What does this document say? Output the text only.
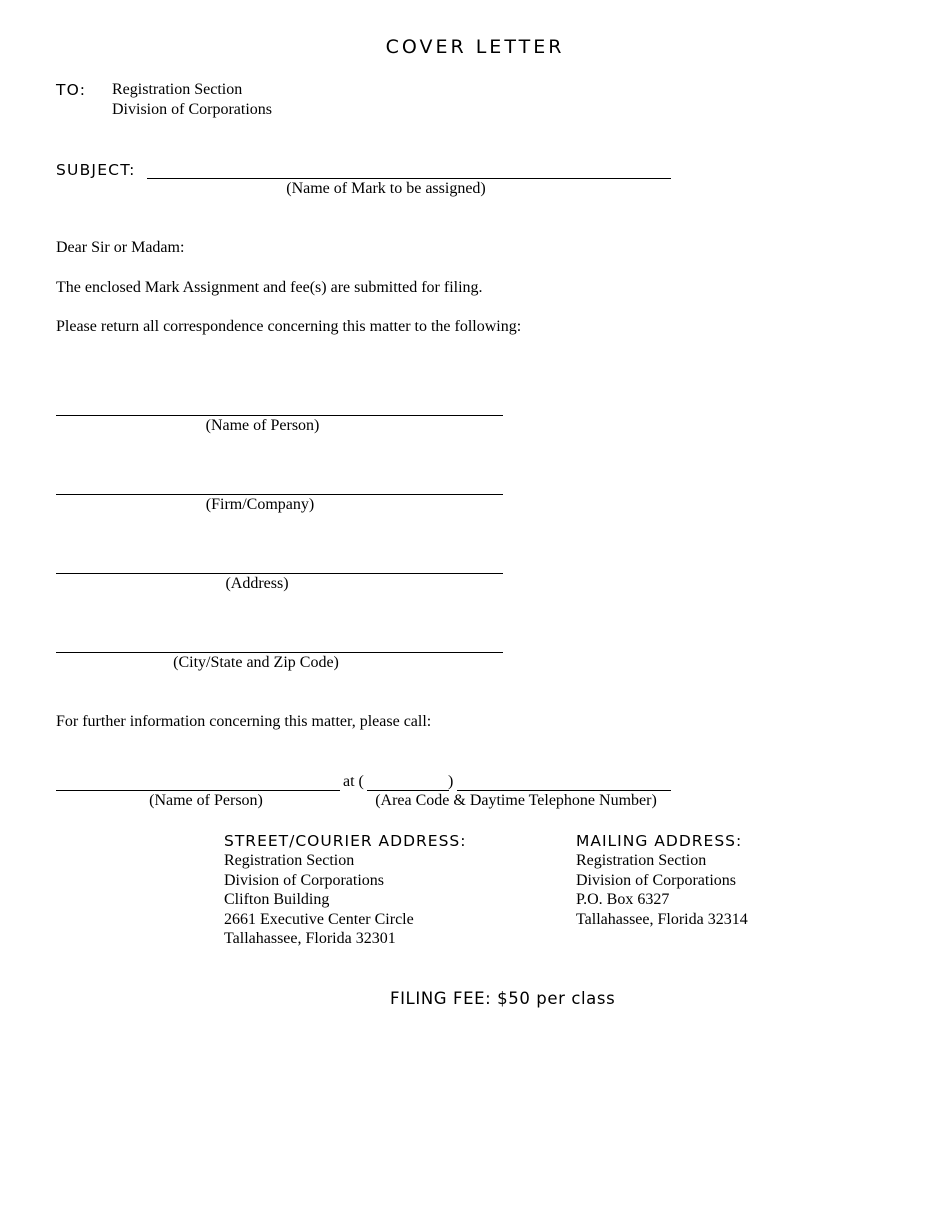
COVER LETTER
TO: Registration Section
Division of Corporations
SUBJECT:
(Name of Mark to be assigned)
Dear Sir or Madam:
The enclosed Mark Assignment and fee(s) are submitted for filing.
Please return all correspondence concerning this matter to the following:
(Name of Person)
(Firm/Company)
(Address)
(City/State and Zip Code)
For further information concerning this matter, please call:
at (	)
(Name of Person)	(Area Code & Daytime Telephone Number)
STREET/COURIER ADDRESS:
Registration Section
Division of Corporations
Clifton Building
2661 Executive Center Circle
Tallahassee, Florida 32301
MAILING ADDRESS:
Registration Section
Division of Corporations
P.O. Box 6327
Tallahassee, Florida 32314
FILING FEE: $50 per class
